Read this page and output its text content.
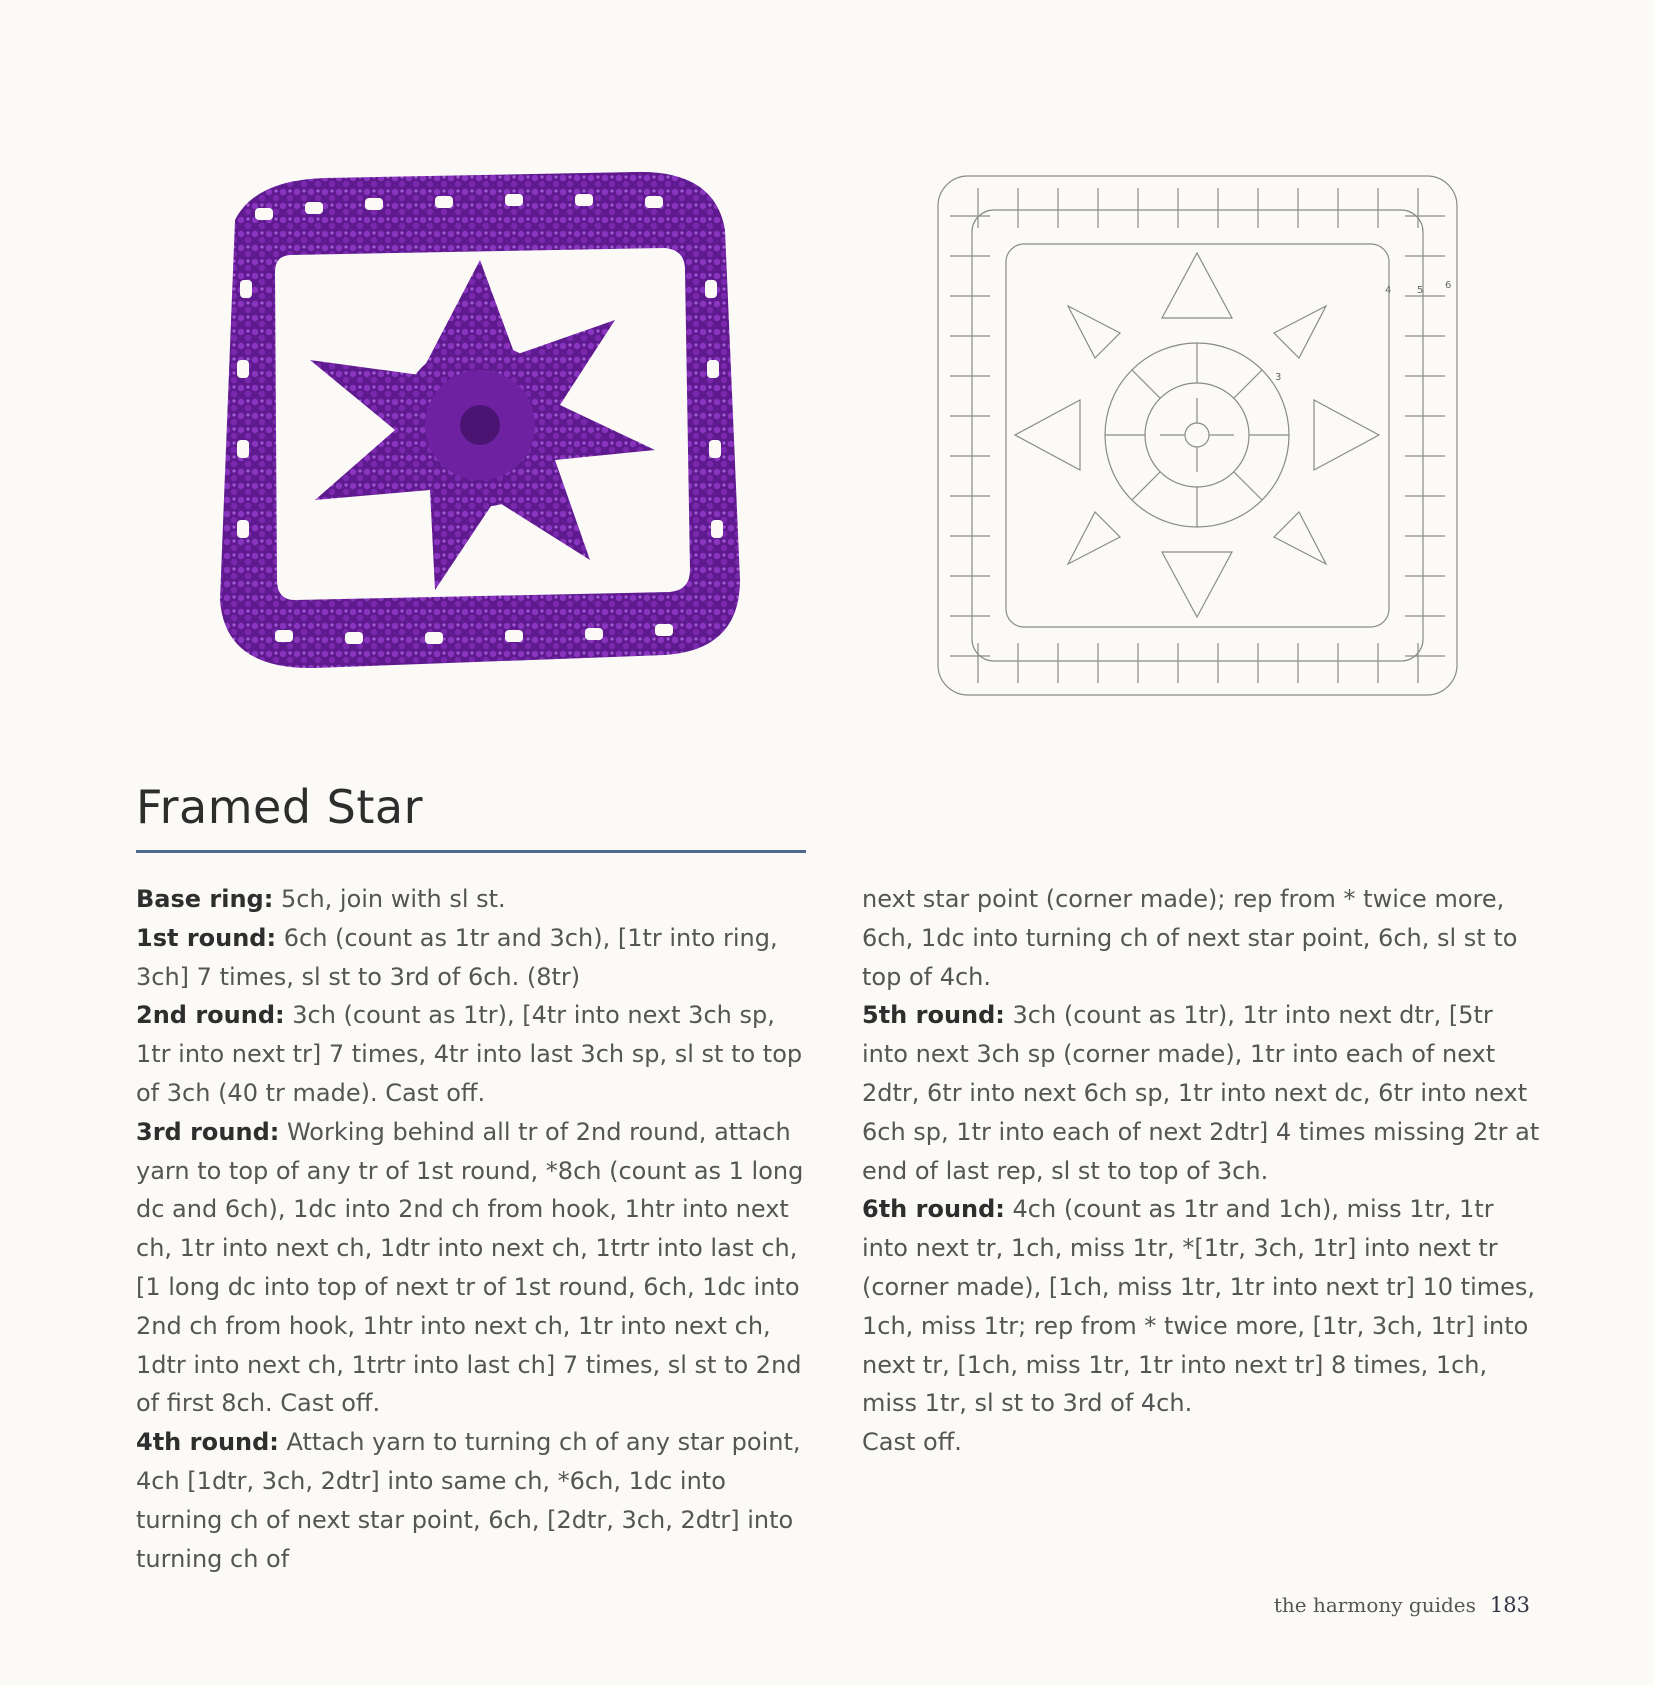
3
4	5 6
Framed Star

Base ring: 5ch, join with sl st.

1st round: 6ch (count as 1tr and 3ch), [1tr into ring, 3ch] 7 times, sl st to 3rd of 6ch. (8tr)

2nd round: 3ch (count as 1tr), [4tr into next 3ch sp, 1tr into next tr] 7 times, 4tr into last 3ch sp, sl st to top of 3ch (40 tr made). Cast off.

3rd round: Working behind all tr of 2nd round, attach yarn to top of any tr of 1st round, *8ch (count as 1 long dc and 6ch), 1dc into 2nd ch from hook, 1htr into next ch, 1tr into next ch, 1dtr into next ch, 1trtr into last ch, [1 long dc into top of next tr of 1st round, 6ch, 1dc into 2nd ch from hook, 1htr into next ch, 1tr into next ch, 1dtr into next ch, 1trtr into last ch] 7 times, sl st to 2nd of first 8ch. Cast off.

4th round: Attach yarn to turning ch of any star point, 4ch [1dtr, 3ch, 2dtr] into same ch, *6ch, 1dc into turning ch of next star point, 6ch, [2dtr, 3ch, 2dtr] into turning ch of

next star point (corner made); rep from * twice more, 6ch, 1dc into turning ch of next star point, 6ch, sl st to top of 4ch.

5th round: 3ch (count as 1tr), 1tr into next dtr, [5tr into next 3ch sp (corner made), 1tr into each of next 2dtr, 6tr into next 6ch sp, 1tr into next dc, 6tr into next 6ch sp, 1tr into each of next 2dtr] 4 times missing 2tr at end of last rep, sl st to top of 3ch.

6th round: 4ch (count as 1tr and 1ch), miss 1tr, 1tr into next tr, 1ch, miss 1tr, *[1tr, 3ch, 1tr] into next tr (corner made), [1ch, miss 1tr, 1tr into next tr] 10 times, 1ch, miss 1tr; rep from * twice more, [1tr, 3ch, 1tr] into next tr, [1ch, miss 1tr, 1tr into next tr] 8 times, 1ch, miss 1tr, sl st to 3rd of 4ch.

Cast off.

the harmony guides 183
